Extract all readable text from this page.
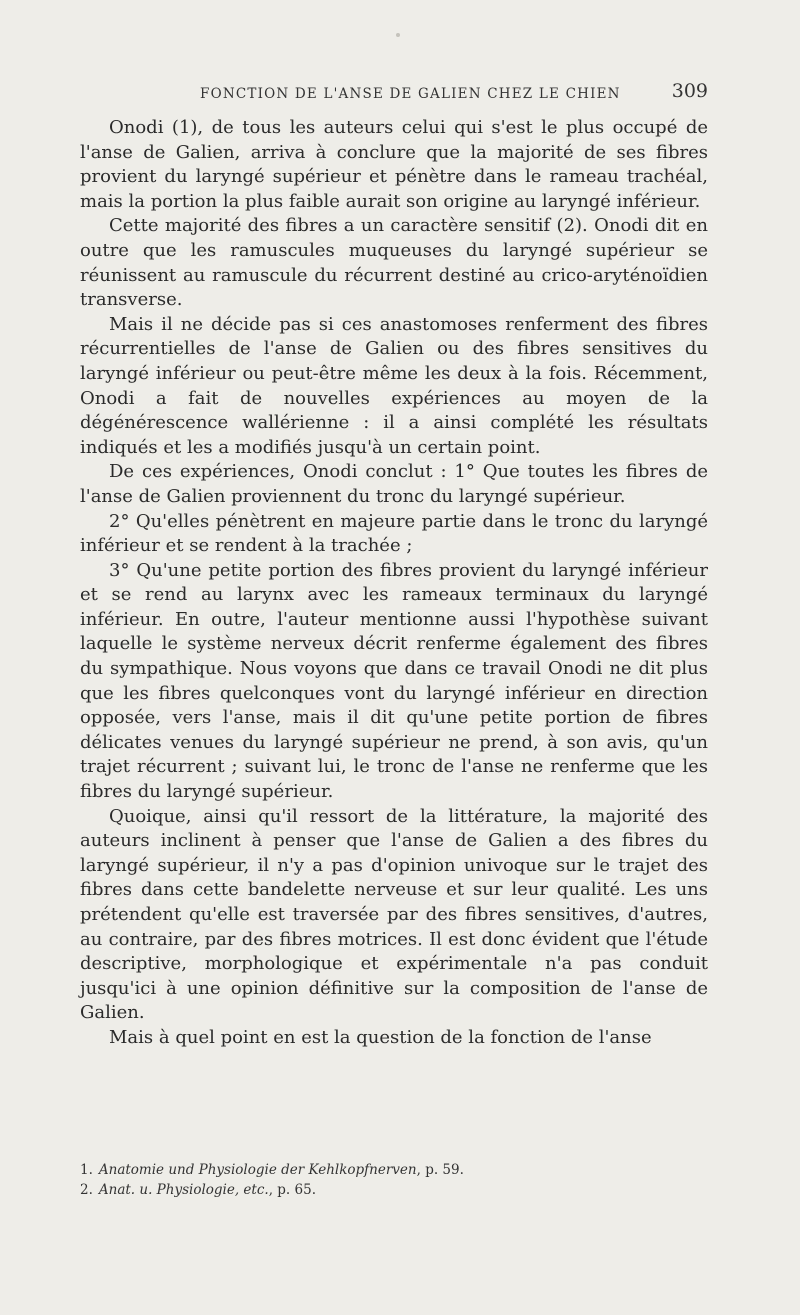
FONCTION DE L'ANSE DE GALIEN CHEZ LE CHIEN	309

Onodi (1), de tous les auteurs celui qui s'est le plus occupé de l'anse de Galien, arriva à conclure que la majorité de ses fibres provient du laryngé supérieur et pénètre dans le rameau trachéal, mais la portion la plus faible aurait son origine au laryngé inférieur.

Cette majorité des fibres a un caractère sensitif (2). Onodi dit en outre que les ramuscules muqueuses du laryngé supérieur se réunissent au ramuscule du récurrent destiné au crico-aryténoïdien transverse.

Mais il ne décide pas si ces anastomoses renferment des fibres récurrentielles de l'anse de Galien ou des fibres sensitives du laryngé inférieur ou peut-être même les deux à la fois. Récemment, Onodi a fait de nouvelles expériences au moyen de la dégénérescence wallérienne : il a ainsi complété les résultats indiqués et les a modifiés jusqu'à un certain point.

De ces expériences, Onodi conclut : 1° Que toutes les fibres de l'anse de Galien proviennent du tronc du laryngé supérieur.

2° Qu'elles pénètrent en majeure partie dans le tronc du laryngé inférieur et se rendent à la trachée ;

3° Qu'une petite portion des fibres provient du laryngé inférieur et se rend au larynx avec les rameaux terminaux du laryngé inférieur. En outre, l'auteur mentionne aussi l'hypothèse suivant laquelle le système nerveux décrit renferme également des fibres du sympathique. Nous voyons que dans ce travail Onodi ne dit plus que les fibres quelconques vont du laryngé inférieur en direction opposée, vers l'anse, mais il dit qu'une petite portion de fibres délicates venues du laryngé supérieur ne prend, à son avis, qu'un trajet récurrent ; suivant lui, le tronc de l'anse ne renferme que les fibres du laryngé supérieur.

Quoique, ainsi qu'il ressort de la littérature, la majorité des auteurs inclinent à penser que l'anse de Galien a des fibres du laryngé supérieur, il n'y a pas d'opinion univoque sur le trajet des fibres dans cette bandelette nerveuse et sur leur qualité. Les uns prétendent qu'elle est traversée par des fibres sensitives, d'autres, au contraire, par des fibres motrices. Il est donc évident que l'étude descriptive, morphologique et expérimentale n'a pas conduit jusqu'ici à une opinion définitive sur la composition de l'anse de Galien.

Mais à quel point en est la question de la fonction de l'anse

1. Anatomie und Physiologie der Kehlkopfnerven, p. 59.
2. Anat. u. Physiologie, etc., p. 65.
